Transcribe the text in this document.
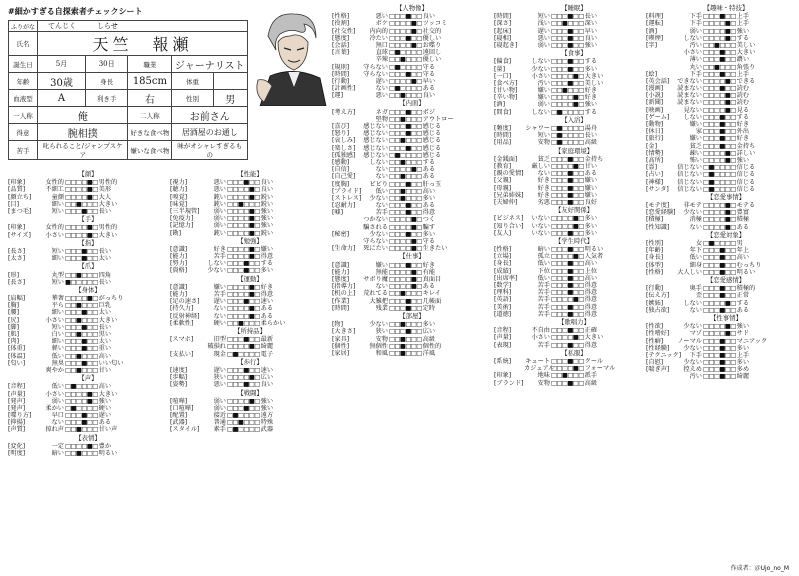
#細かすぎる自探索者チェックシート
ふりがな	てんじく　　　しらせ				
氏名	天竺　報瀬				
誕生日	5月	30日	職業	ジャーナリスト	
年齢	30歳	身長	185cm	体重	
血液型	A	利き手	右	性別	男
一人称	俺		二人称	お前さん	
得意	腕相撲		好きな食べ物	居酒屋のお通し	
苦手	叱られること/ジャンプスケア		嫌いな食べ物	味がオシャレすぎるもの	
【顔】
[印象]	女性的 □□□□■□ 男性的
[品質]	不細工 □□□□■□ 美形
[顔立ち]	童顔 □□□□■□ 大人
[目]	細い □□■□□□ 大きい
[まつ毛]	短い □□□■□□ 長い
【手】
[印象]	女性的 □□□□■□ 男性的
[サイズ]	小さい □□□□■□ 大きい
【指】
[長さ]	短い □□□■□□ 長い
[太さ]	細い □□□■□□ 太い
【爪】
[形]	丸型 □□■□□□ 四角
[長さ]	短い ■□□□□□ 長い
【身体】
[肩幅]	華奢 □□□□■□ がっちり
[胸]	平ら □□■□□□ 巨乳
[腰]	細い □□□■□□ 太い
[尻]	小さい □□■□□□ 大きい
[脚]	短い □□□■□□ 長い
[肌]	白い □□■□□□ 黒い
[肉]	細い □□□■□□ 太い
[体重]	軽い □□□■□□ 重い
[体温]	低い □□■□□□ 高い
[匂い]	無臭 □□□■□□ いい匂い
爽やか □□■□□□ 甘い
【声】
[音程]	低い □■□□□□ 高い
[声量]	小さい □□□□■□ 大きい
[発声]	弱い □□□□■□ 強い
[発声]	柔かい □■□□□□ 硬い
[喋り方]	早口 □□□■□□ 遅い
[抑揚]	ない □□□■□□ ある
[声質]	掠れ声 □□■□□□ 甘い声
【表情】
[変化]	一定 □□□□■□ 豊か
[明度]	暗い □□■□□□ 明るい
【性能】
[視力]	悪い □□□■□□ 良い
[聴力]	悪い □□□□■□ 良い
[嗅覚]	鈍い □□□□■□ 鋭い
[味覚]	鈍い □□■□□□ 鋭い
[三半規管]	弱い □□□□■□ 強い
[免疫力]	弱い □□□□■□ 強い
[記憶力]	弱い □□□□■□ 強い
[勘]	鈍い □□□□■□ 鋭い
【勉強】
[意識]	好き □□□□■□ 嫌い
[能力]	苦手 □□□□■□ 得意
[努力]	しない □□□■□□ する
[資格]	少ない □□□■□□ 多い
【運動】
[意識]	嫌い □□□□■□ 好き
[能力]	苦手 □□□□■□ 得意
[足の速さ]	遅い □□□■□□ 速い
[持久力]	ない □□□□■□ ある
[反射神経]	ない □□□□■□ ある
[柔軟性]	硬い □□■□□□ 柔らかい
【所持品】
[スマホ]	旧型 □□□■□□ 最新
破損れ □□□□■□ 綺麗
[支払い]	現金 □■□□□□ 電子
【歩行】
[速度]	遅い □□□■□□ 速い
[歩幅]	狭い □□□□■□ 広い
[姿勢]	悪い □□□■□□ 良い
【戦闘】
[喧嘩]	弱い □□□□■□ 強い
[口喧嘩]	弱い □□□■□□ 強い
[配置]	接近 □■□□□□ 遠方
[武器]	普通 □□■□□□ 特殊
[スタイル]	素手 □■□□□□ 武器
【人物像】
[性格]	悪い □□□■□□ 良い
[役割]	ボケ □□□□■□ ツッコミ
[社交性]	内向的 □□□□■□ 社交的
[態度]	冷たい □□□■□□ 優しい
[会話]	無口 □□□□■□ お喋り
[言葉]	直球 □■□□□□ 遠回し
辛辣 □□■□□□ 優しい
[規則]	守らない □■□□□□ 守る
[時間]	守らない □□□■□□ 守る
[行動]	遅い □□□□■□ 早い
[計画性]	ない □■□□□□ ある
[運]	悪い □□■□□□ 良い
【内面】
[考え方]	ネガ □□□■□□ ポジ
堅物 □□■□□□ アウトロー
[喜び]	感じない □□□■□□ 感じる
[怒り]	感じない □□□■□□ 感じる
[哀しみ]	感じない □□■□□□ 感じる
[楽しさ]	感じない □□□■□□ 感じる
[孤独感]	感じない □■□□□□ 感じる
[感動]	しない □□■□□□ する
[自信]	ない □□□□■□ ある
[自己愛]	ない □□■□□□ ある
[度胸]	ビビり □□□■□□ 肝っ玉
[プライド]	低い □□■□□□ 高い
[ストレス]	少ない □□■□□□ 多い
[忍耐力]	ない □□□■□□ ある
[嘘]	苦手 □□□■□□ 得意
つかない □□□□■□ つく
騙される □□□□■□ 騙す
[秘密]	少ない □□□■□□ 多い
守らない □□□□■□ 守る
[生命力]	死にたい □□□□■□ 生きたい
【仕事】
[意識]	嫌い □□□■□□ 好き
[能力]	無能 □□□□■□ 有能
[態度]	サボり魔 □□□□■□ 真面目
[指導力]	ない □□□□■□ ある
[机の上]	荒れてる □□■□□□ キレイ
[作業]	大雑把 □□□■□□ 几帳面
[時間]	残業 □□□■□□ 定時
【部屋】
[物]	少ない □□■□□□ 多い
[大きさ]	狭い □□□■□□ 広い
[家具]	安物 □□■□□□ 高級
[個性]	無個性 □□■□□□ 個性的
[家居]	和風 □□■□□□ 洋風
【睡眠】
[時間]	短い □□□■□□ 長い
[深さ]	浅い □□■□□□ 深い
[起床]	遅い □□□■□□ 早い
[寝相]	悪い □□□■□□ 良い
[寝起き]	弱い □□□■□□ 強い
【食事】
[偏食]	しない □□□■□□ する
[量]	少ない □□□■□□ 多い
[一口]	小さい □□□□■□ 大きい
[食べ方]	汚い □□□■□□ 美しい
[甘い物]	嫌い □□■□□□ 好き
[辛い物]	嫌い □□□□■□ 好き
[酒]	弱い □□□□■□ 強い
[間食]	しない □■□□□□ する
【入浴】
[頻度]	シャワー □■□□□□ 湯舟
[時間]	短い □■□□□□ 長い
[用品]	安物 □■□□□□ 高級
【家庭環境】
[金銭面]	貧乏 □□□■□□ 金持ち
[教育]	厳しい □□□□■□ 甘い
[親の愛情]	ない □□□■□□ ある
[父親]	好き □□□■□□ 嫌い
[母親]	好き □□□■□□ 嫌い
[兄弟姉妹]	好き □□□■□□ 嫌い
[夫婦仲]	劣悪 □□□■□□ 良好
【友好関係】
[ビジネス]	いない □□□□■□ 多い
[知り合い]	いない □□□□■□ 多い
[友人]	いない □□□■□□ 多い
【学生時代】
[性格]	暗い □□□■□□ 明るい
[立場]	孤立 □□□□■□ 人気者
[身長]	低い □□□■□□ 高い
[成績]	下位 □□□■□□ 上位
[出席率]	低い □□□■□□ 高い
[数学]	苦手 □□□■□□ 得意
[理科]	苦手 □□□■□□ 得意
[英語]	苦手 □□□□■□ 得意
[美術]	苦手 □□□■□□ 得意
[道徳]	苦手 □□□■□□ 得意
【歌唱力】
[音程]	不自由 □□□■□□ 正確
[声量]	小さい □□□□■□ 大きい
[表現]	苦手 □□□■□□ 得意
【私服】
[系統]	キュート □□□■□□ クール
カジュアル
□□□□■□ フォーマル
[印象]	地味 □□■□□□ 派手
[ブランド]	安物 □□□■□□ 高級
【趣味・特技】
[料理]	下手 □□□■□□ 上手
[運転]	下手 □□□□■□ 上手
[酒]	弱い □□□□■□ 強い
[喫煙]	しない □□□□■□ する
[字]	汚い □□■□□□ 美しい
小さい □□□■□□ 大きい
薄い □□□■□□ 濃い
丸い □□■□□□ 角張り
[絵]	下手 □□□■□□ 上手
[英会話]	できない □□□□■□ できる
[漫画]	読まない □□□■□□ 読む
[小説]	読まない □□□□■□ 読む
[新聞]	読まない □□□□■□ 読む
[映画]	見ない □□□□■□ 見る
[ゲーム]	しない □□□■□□ する
[動物]	嫌い □□□■□□ 好き
[休日]	家 □□□■□□ 外出
[旅行]	嫌い □□□■□□ 好き
[金]	貧乏 □□□■□□ 金持ち
[情勢]	疎い □□□□■□ 詳しい
[高所]	怖い □□□□■□ 強い
[霊]	信じない □■□□□□ 信じる
[占い]	信じない □■□□□□ 信じる
[神様]	信じない □■□□□□ 信じる
[サンタ]	信じない □■□□□□ 信じる
【恋愛事情】
[モテ度]	非モテ □□□□■□ モテる
[恋愛経験]	少ない □□□□■□ 豊富
[積極]	消極 □□□□■□ 積極
[性知識]	ない □□□□■□ ある
【恋愛対象】
[性別]	女 □■□□□□ 男
[年齢]	年下 □□□■□□ 年上
[身長]	低い □□□■□□ 高い
[体型]	細身 □□□■□□ むっちり
[性格]	大人しい □□□■□□ 明るい
【恋愛感情】
[行動]	奥手 □□□■□□ 積極的
[伝え方]	歪 □□□■□□ 正常
[嫉妬]	しない □□□□■□ する
[独占欲]	ない □□□■□□ ある
【性事情】
[性欲]	少ない □□□□■□ 強い
[性嗜好]	マゾ □□□□■□ サド
[性癖]	ノーマル □□□■□□ マニアック
[性経験]	少ない □□□■□□ 多い
[テクニック]	下手 □□□■□□ 上手
[自慰]	少ない □□□■□□ 多い
[喘ぎ声]	控えめ □□□■□□ 多め
汚い □□□■□□ 綺麗
作成者：＠Ujo_no_M
